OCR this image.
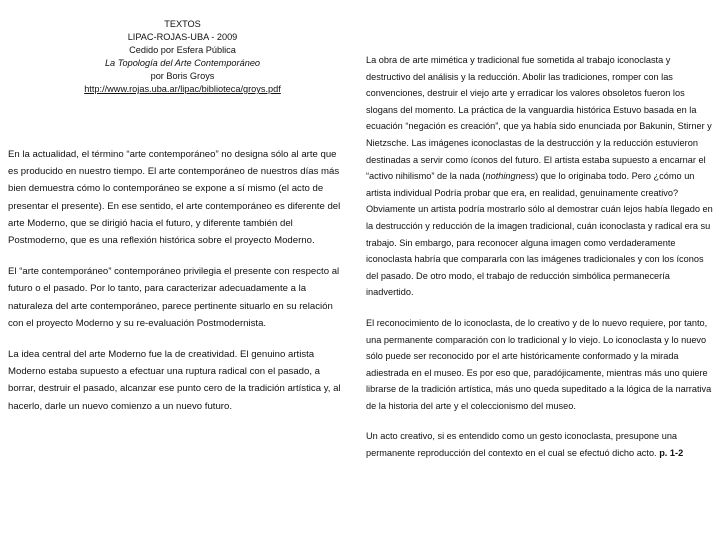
TEXTOS
LIPAC-ROJAS-UBA - 2009
Cedido por Esfera Pública
La Topología del Arte Contemporáneo
por Boris Groys
http://www.rojas.uba.ar/lipac/biblioteca/groys.pdf

En la actualidad, el término “arte contemporáneo” no designa sólo al arte que es producido en nuestro tiempo. El arte contemporáneo de nuestros días más bien demuestra cómo lo contemporáneo se expone a sí mismo (el acto de presentar el presente). En ese sentido, el arte contemporáneo es diferente del arte Moderno, que se dirigió hacia el futuro, y diferente también del Postmoderno, que es una reflexión histórica sobre el proyecto Moderno.

El “arte contemporáneo” contemporáneo privilegia el presente con respecto al futuro o el pasado. Por lo tanto, para caracterizar adecuadamente a la naturaleza del arte contemporáneo, parece pertinente situarlo en su relación con el proyecto Moderno y su re-evaluación Postmodernista.

La idea central del arte Moderno fue la de creatividad. El genuino artista Moderno estaba supuesto a efectuar una ruptura radical con el pasado, a borrar, destruir el pasado, alcanzar ese punto cero de la tradición artística y, al hacerlo, darle un nuevo comienzo a un nuevo futuro.

La obra de arte mimética y tradicional fue sometida al trabajo iconoclasta y destructivo del análisis y la reducción. Abolir las tradiciones, romper con las convenciones, destruir el viejo arte y erradicar los valores obsoletos fueron los slogans del momento. La práctica de la vanguardia histórica Estuvo basada en la ecuación “negación es creación”, que ya había sido enunciada por Bakunin, Stirner y Nietzsche. Las imágenes iconoclastas de la destrucción y la reducción estuvieron destinadas a servir como íconos del futuro. El artista estaba supuesto a encarnar el “activo nihilismo” de la nada (nothingness) que lo originaba todo. Pero ¿cómo un artista individual Podría probar que era, en realidad, genuinamente creativo? Obviamente un artista podría mostrarlo sólo al demostrar cuán lejos había llegado en la destrucción y reducción de la imagen tradicional, cuán iconoclasta y radical era su trabajo. Sin embargo, para reconocer alguna imagen como verdaderamente iconoclasta habría que compararla con las imágenes tradicionales y con los íconos del pasado. De otro modo, el trabajo de reducción simbólica permanecería inadvertido.

El reconocimiento de lo iconoclasta, de lo creativo y de lo nuevo requiere, por tanto, una permanente comparación con lo tradicional y lo viejo. Lo iconoclasta y lo nuevo sólo puede ser reconocido por el arte históricamente conformado y la mirada adiestrada en el museo. Es por eso que, paradójicamente, mientras más uno quiere librarse de la tradición artística, más uno queda supeditado a la lógica de la narrativa de la historia del arte y el coleccionismo del museo.

Un acto creativo, si es entendido como un gesto iconoclasta, presupone una permanente reproducción del contexto en el cual se efectuó dicho acto. p. 1-2
